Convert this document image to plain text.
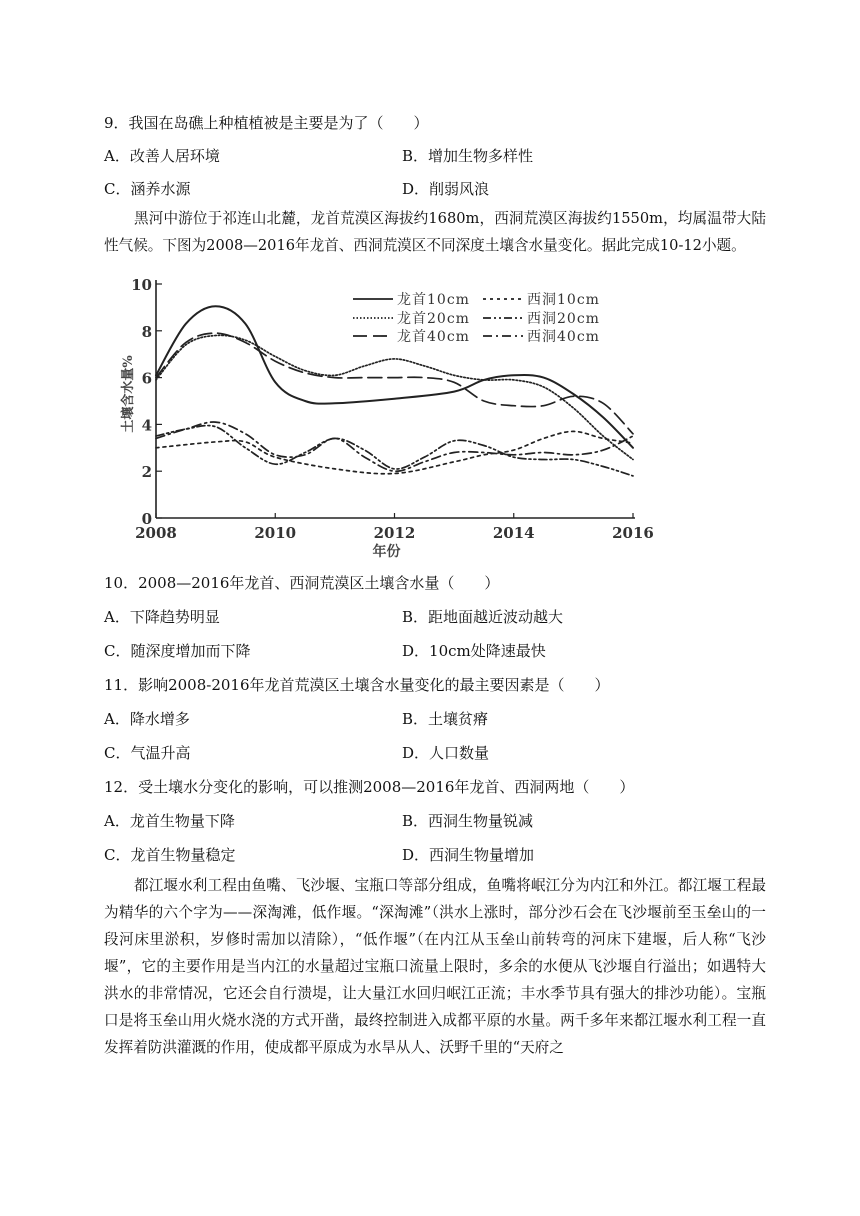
9．我国在岛礁上种植植被是主要是为了（　　）
A．改善人居环境	B．增加生物多样性
C．涵养水源	D．削弱风浪

黑河中游位于祁连山北麓，龙首荒漠区海拔约1680m，西洞荒漠区海拔约1550m，均属温带大陆性气候。下图为2008—2016年龙首、西洞荒漠区不同深度土壤含水量变化。据此完成10-12小题。

0
2
4
6
8
10
2008	2010	2012	2014	2016
年份
土壤含水量%
龙首10cm	西洞10cm
龙首20cm	西洞20cm
龙首40cm	西洞40cm
10．2008—2016年龙首、西洞荒漠区土壤含水量（　　）
A．下降趋势明显	B．距地面越近波动越大
C．随深度增加而下降	D．10cm处降速最快
11．影响2008-2016年龙首荒漠区土壤含水量变化的最主要因素是（　　）
A．降水增多	B．土壤贫瘠
C．气温升高	D．人口数量
12．受土壤水分变化的影响，可以推测2008—2016年龙首、西洞两地（　　）
A．龙首生物量下降	B．西洞生物量锐减
C．龙首生物量稳定	D．西洞生物量增加

都江堰水利工程由鱼嘴、飞沙堰、宝瓶口等部分组成，鱼嘴将岷江分为内江和外江。都江堰工程最为精华的六个字为——深淘滩，低作堰。“深淘滩”（洪水上涨时，部分沙石会在飞沙堰前至玉垒山的一段河床里淤积，岁修时需加以清除），“低作堰”（在内江从玉垒山前转弯的河床下建堰，后人称“飞沙堰”，它的主要作用是当内江的水量超过宝瓶口流量上限时，多余的水便从飞沙堰自行溢出；如遇特大洪水的非常情况，它还会自行溃堤，让大量江水回归岷江正流；丰水季节具有强大的排沙功能）。宝瓶口是将玉垒山用火烧水浇的方式开凿，最终控制进入成都平原的水量。两千多年来都江堰水利工程一直发挥着防洪灌溉的作用，使成都平原成为水旱从人、沃野千里的“天府之
